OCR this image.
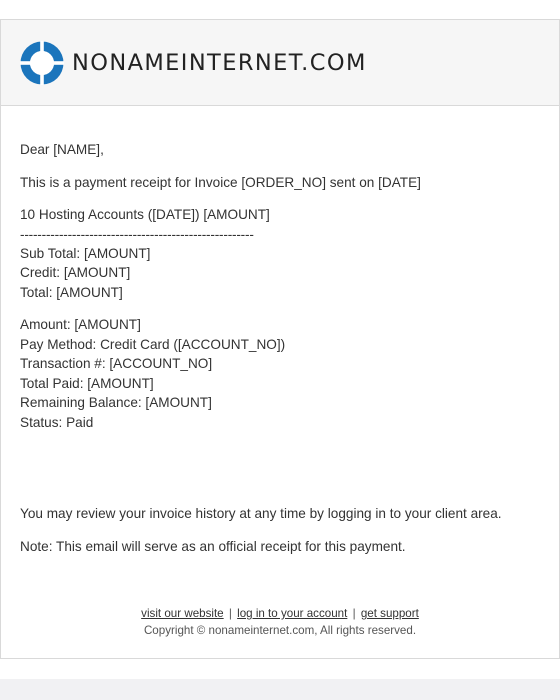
NONAMEINTERNET.COM
Dear [NAME],
This is a payment receipt for Invoice [ORDER_NO] sent on [DATE]
10 Hosting Accounts ([DATE]) [AMOUNT]
------------------------------------------------------
Sub Total: [AMOUNT]
Credit: [AMOUNT]
Total: [AMOUNT]
Amount: [AMOUNT]
Pay Method: Credit Card ([ACCOUNT_NO])
Transaction #: [ACCOUNT_NO]
Total Paid: [AMOUNT]
Remaining Balance: [AMOUNT]
Status: Paid
You may review your invoice history at any time by logging in to your client area.
Note: This email will serve as an official receipt for this payment.
visit our website | log in to your account | get support
Copyright © nonameinternet.com, All rights reserved.
